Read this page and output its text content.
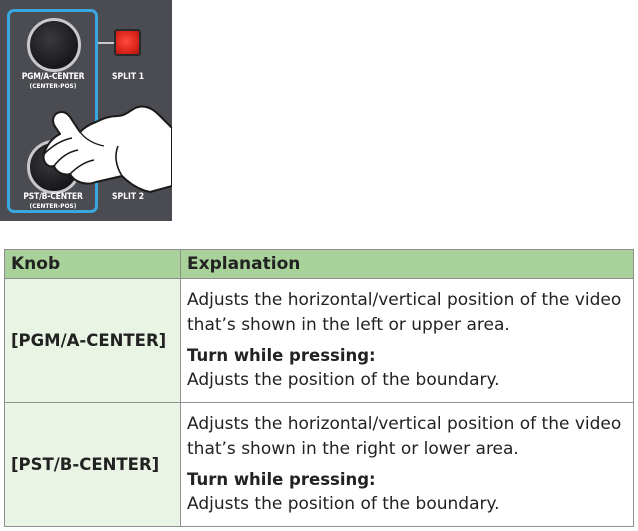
PGM/A-CENTER
(CENTER-POS)
SPLIT 1
PST/B-CENTER
(CENTER-POS)
SPLIT 2
Knob	Explanation
[PGM/A-CENTER]	Adjusts the horizontal/vertical position of the video that’s shown in the left or upper area.

Turn while pressing:

Adjusts the position of the boundary.

[PST/B-CENTER]	Adjusts the horizontal/vertical position of the video that’s shown in the right or lower area.

Turn while pressing:

Adjusts the position of the boundary.
